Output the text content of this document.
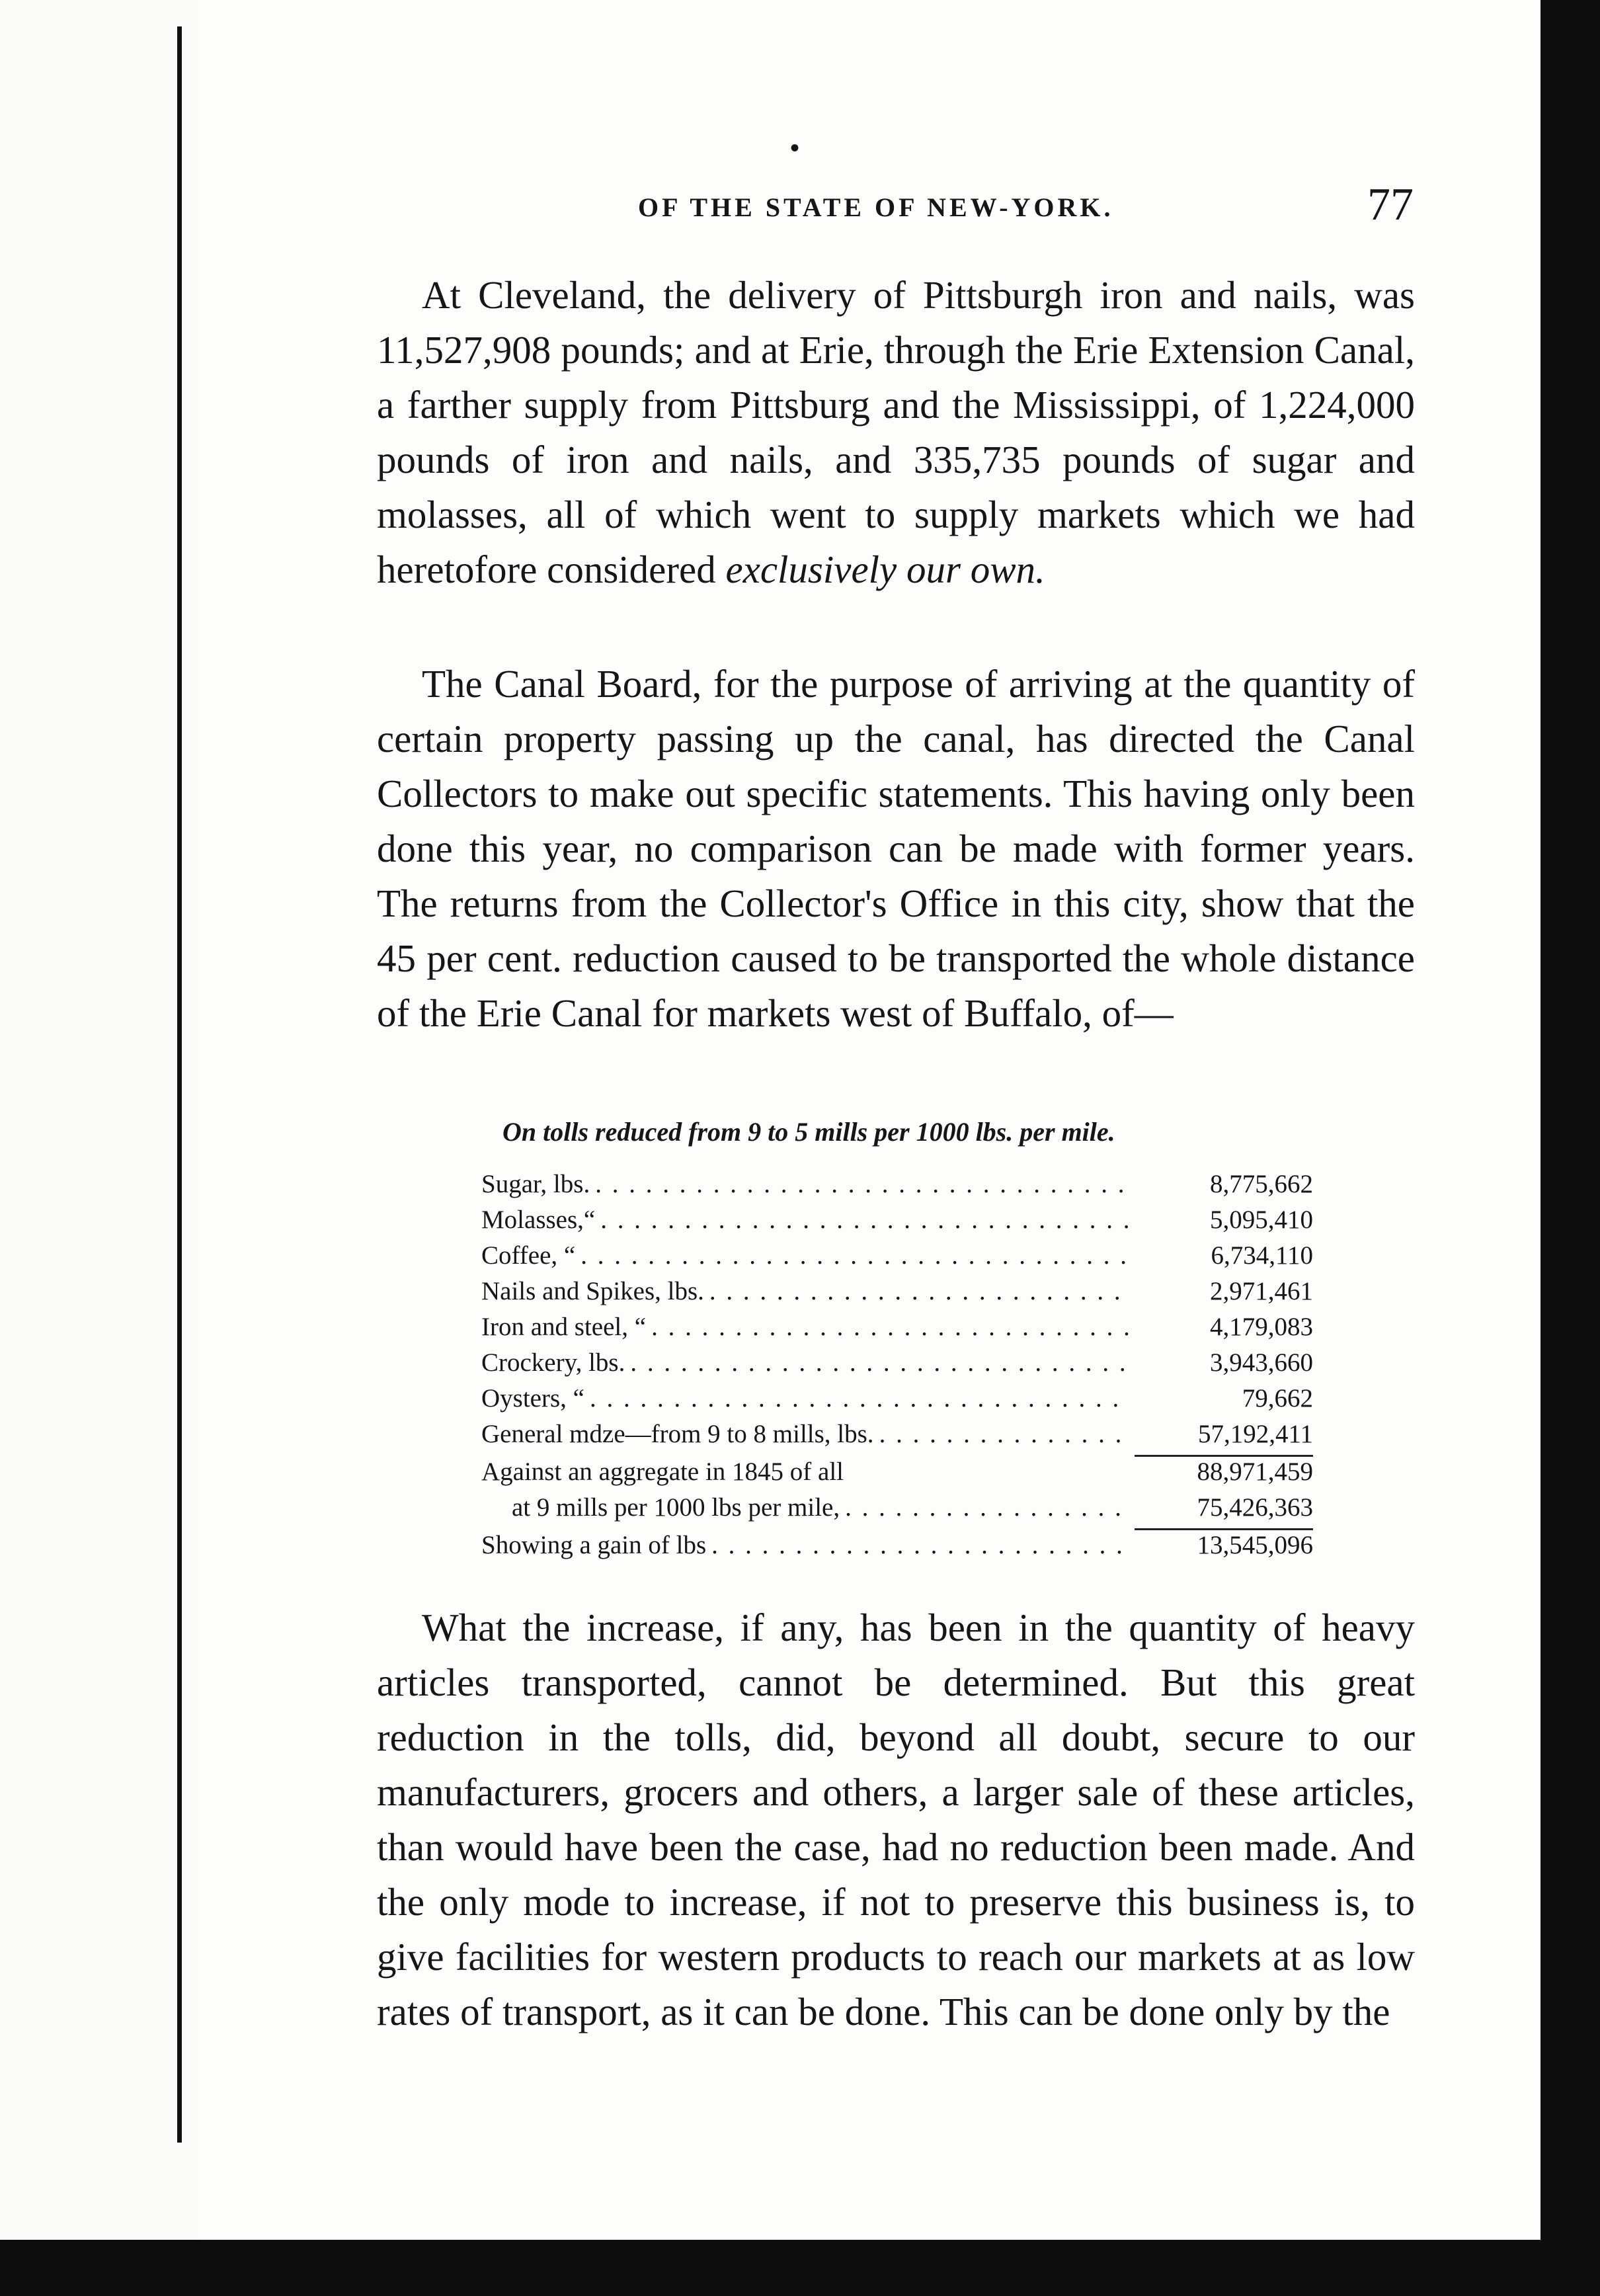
•
OF THE STATE OF NEW-YORK.	77

At Cleveland, the delivery of Pittsburgh iron and nails, was 11,527,908 pounds; and at Erie, through the Erie Extension Canal, a farther supply from Pittsburg and the Mississippi, of 1,224,000 pounds of iron and nails, and 335,735 pounds of sugar and molasses, all of which went to supply markets which we had heretofore considered exclusively our own.

The Canal Board, for the purpose of arriving at the quantity of certain property passing up the canal, has directed the Canal Collectors to make out specific statements. This having only been done this year, no comparison can be made with former years. The returns from the Collector's Office in this city, show that the 45 per cent. reduction caused to be transported the whole distance of the Erie Canal for markets west of Buffalo, of—

On tolls reduced from 9 to 5 mills per 1000 lbs. per mile.
Sugar, lbs. . . .	8,775,662
Molasses,“ . . .	5,095,410
Coffee, “ . . .	6,734,110
Nails and Spikes, lbs. . . .	2,971,461
Iron and steel, “ . . .	4,179,083
Crockery, lbs. . . .	3,943,660
Oysters, “ . . .	79,662
General mdze—from 9 to 8 mills, lbs. . . .	57,192,411
Against an aggregate in 1845 of all	88,971,459
at 9 mills per 1000 lbs per mile, . . .	75,426,363
Showing a gain of lbs . . .	13,545,096

What the increase, if any, has been in the quantity of heavy articles transported, cannot be determined. But this great reduction in the tolls, did, beyond all doubt, secure to our manufacturers, grocers and others, a larger sale of these articles, than would have been the case, had no reduction been made. And the only mode to increase, if not to preserve this business is, to give facilities for western products to reach our markets at as low rates of transport, as it can be done. This can be done only by the
